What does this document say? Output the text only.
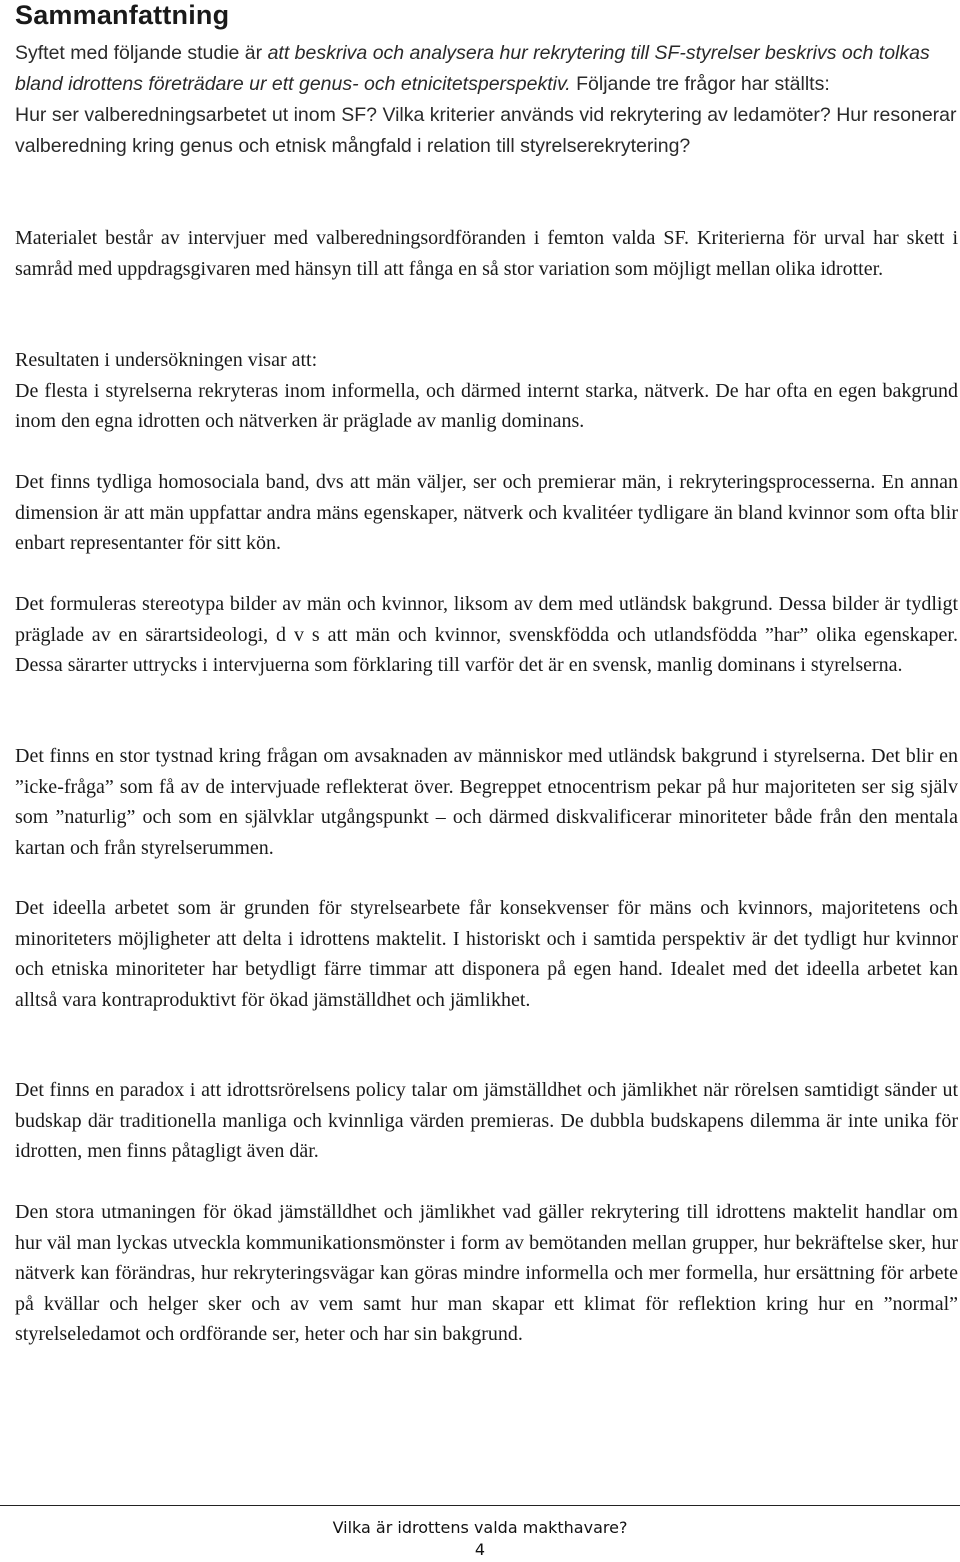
Sammanfattning

Syftet med följande studie är att beskriva och analysera hur rekrytering till SF-styrelser beskrivs och tolkas bland idrottens företrädare ur ett genus- och etnicitetsperspektiv. Följande tre frågor har ställts:

Hur ser valberedningsarbetet ut inom SF? Vilka kriterier används vid rekrytering av ledamöter? Hur resonerar valberedning kring genus och etnisk mångfald i relation till styrelserekrytering?

Materialet består av intervjuer med valberedningsordföranden i femton valda SF. Kriterierna för urval har skett i samråd med uppdragsgivaren med hänsyn till att fånga en så stor variation som möjligt mellan olika idrotter.

Resultaten i undersökningen visar att:

De flesta i styrelserna rekryteras inom informella, och därmed internt starka, nätverk. De har ofta en egen bakgrund inom den egna idrotten och nätverken är präglade av manlig dominans.

Det finns tydliga homosociala band, dvs att män väljer, ser och premierar män, i rekryteringsprocesserna. En annan dimension är att män uppfattar andra mäns egenskaper, nätverk och kvalitéer tydligare än bland kvinnor som ofta blir enbart representanter för sitt kön.

Det formuleras stereotypa bilder av män och kvinnor, liksom av dem med utländsk bakgrund. Dessa bilder är tydligt präglade av en särartsideologi, d v s att män och kvinnor, svenskfödda och utlandsfödda ”har” olika egenskaper. Dessa särarter uttrycks i intervjuerna som förklaring till varför det är en svensk, manlig dominans i styrelserna.

Det finns en stor tystnad kring frågan om avsaknaden av människor med utländsk bakgrund i styrelserna. Det blir en ”icke-fråga” som få av de intervjuade reflekterat över. Begreppet etnocentrism pekar på hur majoriteten ser sig själv som ”naturlig” och som en självklar utgångspunkt – och därmed diskvalificerar minoriteter både från den mentala kartan och från styrelserummen.

Det ideella arbetet som är grunden för styrelsearbete får konsekvenser för mäns och kvinnors, majoritetens och minoriteters möjligheter att delta i idrottens maktelit. I historiskt och i samtida perspektiv är det tydligt hur kvinnor och etniska minoriteter har betydligt färre timmar att disponera på egen hand. Idealet med det ideella arbetet kan alltså vara kontraproduktivt för ökad jämställdhet och jämlikhet.

Det finns en paradox i att idrottsrörelsens policy talar om jämställdhet och jämlikhet när rörelsen samtidigt sänder ut budskap där traditionella manliga och kvinnliga värden premieras. De dubbla budskapens dilemma är inte unika för idrotten, men finns påtagligt även där.

Den stora utmaningen för ökad jämställdhet och jämlikhet vad gäller rekrytering till idrottens maktelit handlar om hur väl man lyckas utveckla kommunikationsmönster i form av bemötanden mellan grupper, hur bekräftelse sker, hur nätverk kan förändras, hur rekryteringsvägar kan göras mindre informella och mer formella, hur ersättning för arbete på kvällar och helger sker och av vem samt hur man skapar ett klimat för reflektion kring hur en ”normal” styrelseledamot och ordförande ser, heter och har sin bakgrund.

Vilka är idrottens valda makthavare?
4
